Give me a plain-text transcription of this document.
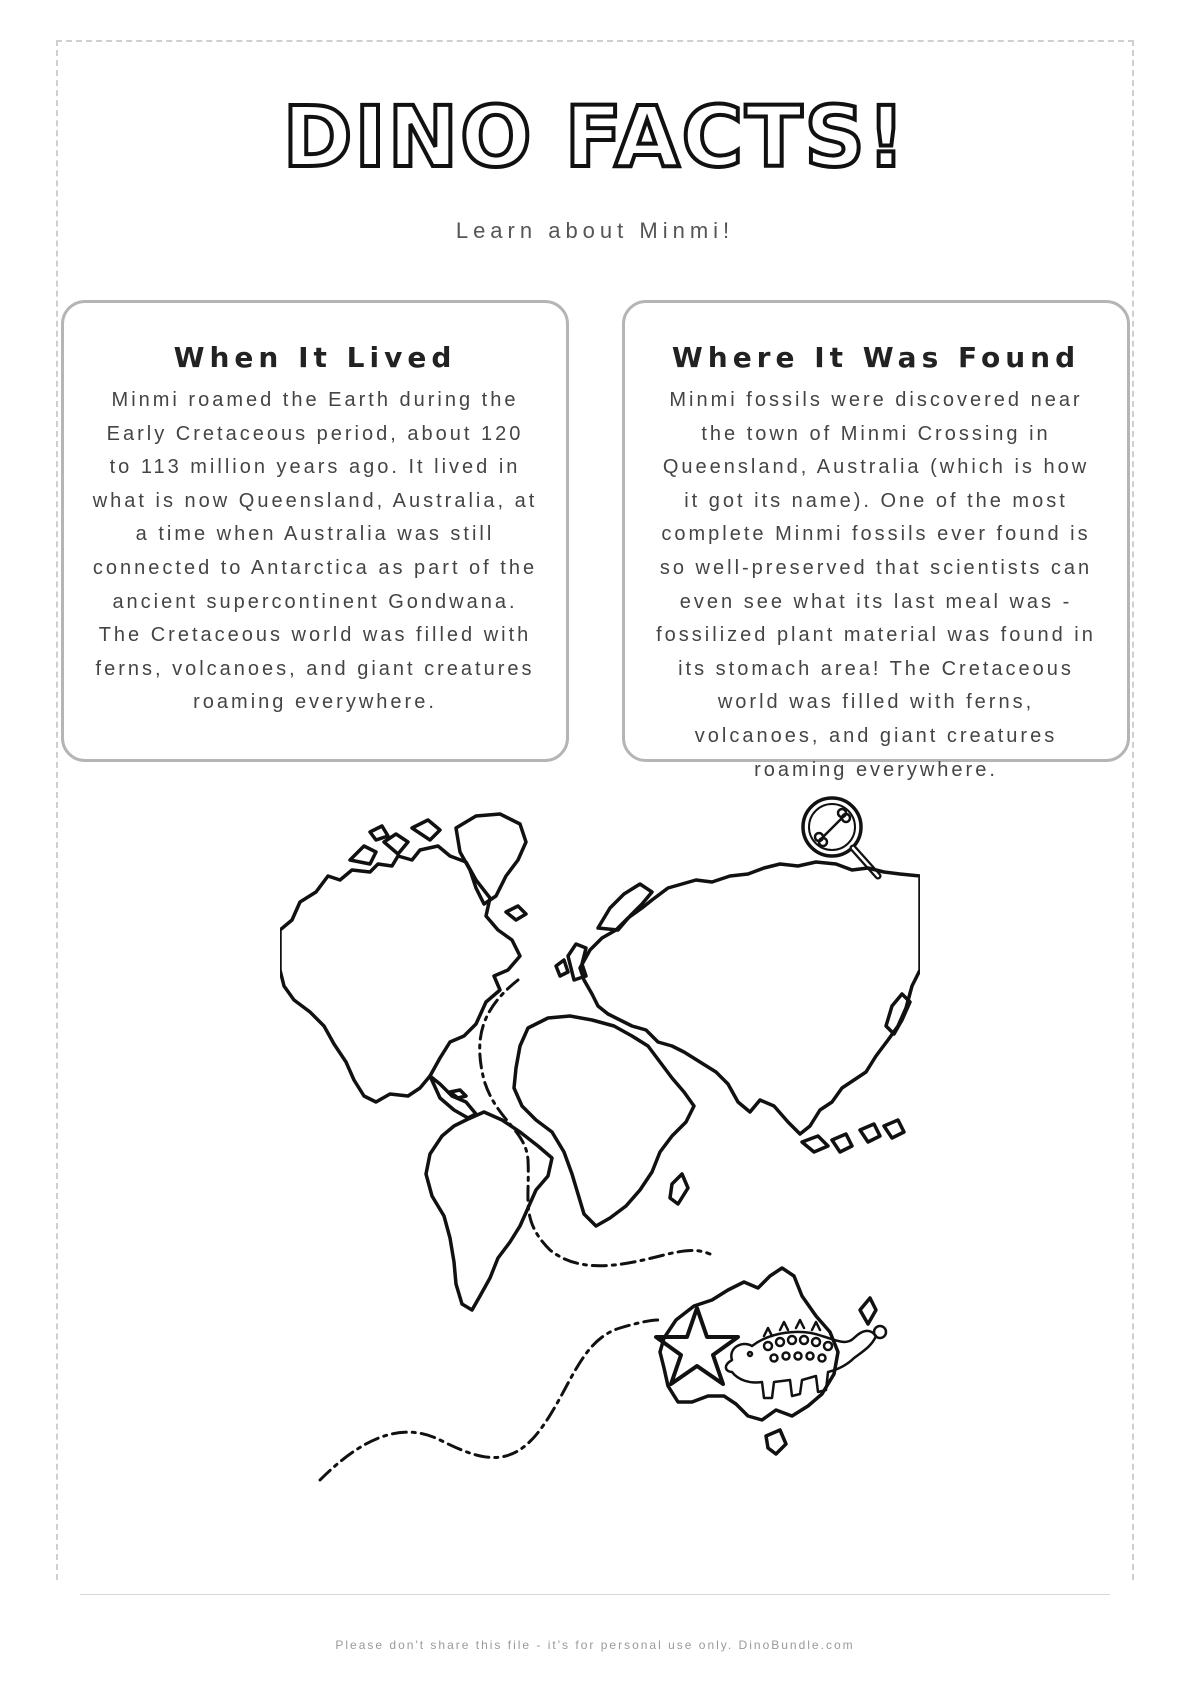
DINO FACTS!

Learn about Minmi!

When It Lived

Minmi roamed the Earth during the Early Cretaceous period, about 120 to 113 million years ago. It lived in what is now Queensland, Australia, at a time when Australia was still connected to Antarctica as part of the ancient supercontinent Gondwana. The Cretaceous world was filled with ferns, volcanoes, and giant creatures roaming everywhere.

Where It Was Found

Minmi fossils were discovered near the town of Minmi Crossing in Queensland, Australia (which is how it got its name). One of the most complete Minmi fossils ever found is so well-preserved that scientists can even see what its last meal was - fossilized plant material was found in its stomach area! The Cretaceous world was filled with ferns, volcanoes, and giant creatures roaming everywhere.

Please don't share this file - it's for personal use only. DinoBundle.com
